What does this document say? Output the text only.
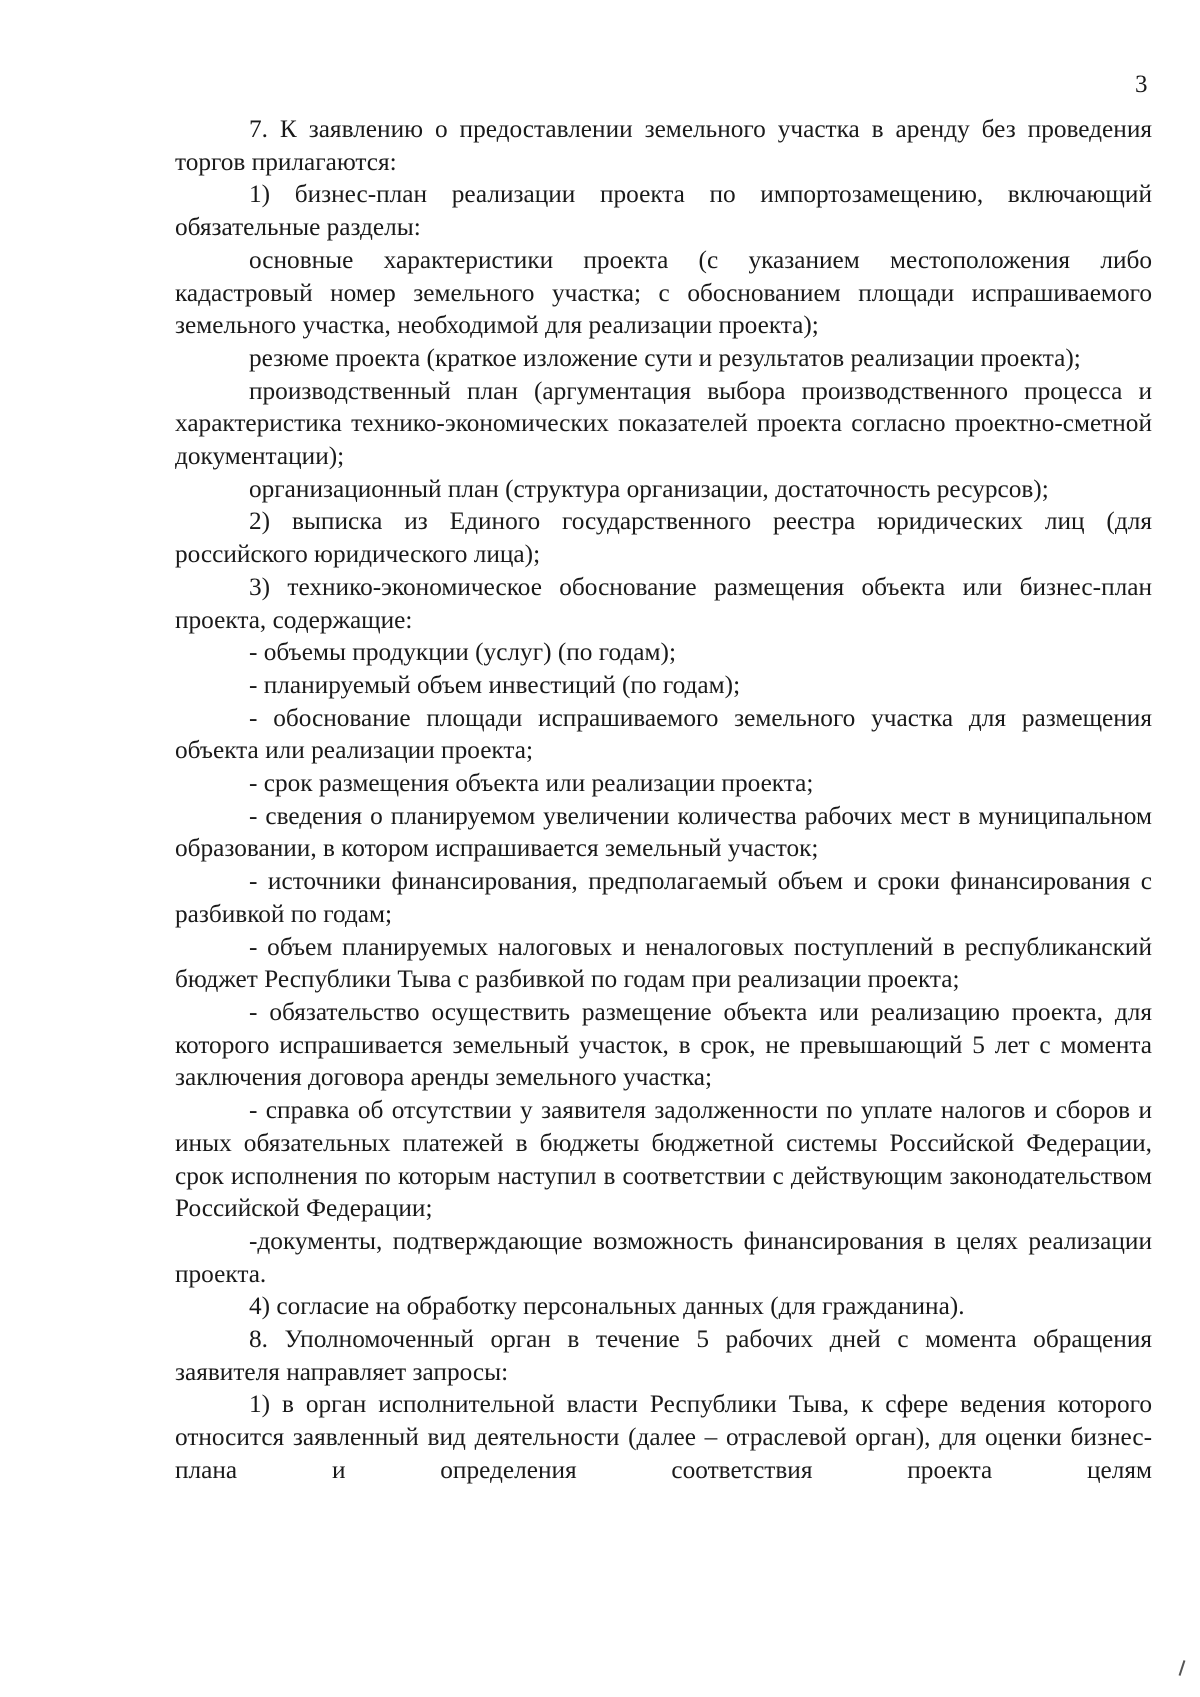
3

7. К заявлению о предоставлении земельного участка в аренду без проведения торгов прилагаются:

1) бизнес-план реализации проекта по импортозамещению, включающий обязательные разделы:

основные характеристики проекта (с указанием местоположения либо кадастровый номер земельного участка; с обоснованием площади испрашиваемого земельного участка, необходимой для реализации проекта);

резюме проекта (краткое изложение сути и результатов реализации проекта);

производственный план (аргументация выбора производственного процесса и характеристика технико-экономических показателей проекта согласно проектно-сметной документации);

организационный план (структура организации, достаточность ресурсов);

2) выписка из Единого государственного реестра юридических лиц (для российского юридического лица);

3) технико-экономическое обоснование размещения объекта или бизнес-план проекта, содержащие:

- объемы продукции (услуг) (по годам);

- планируемый объем инвестиций (по годам);

- обоснование площади испрашиваемого земельного участка для размещения объекта или реализации проекта;

- срок размещения объекта или реализации проекта;

- сведения о планируемом увеличении количества рабочих мест в муниципальном образовании, в котором испрашивается земельный участок;

- источники финансирования, предполагаемый объем и сроки финансирования с разбивкой по годам;

- объем планируемых налоговых и неналоговых поступлений в республиканский бюджет Республики Тыва с разбивкой по годам при реализации проекта;

- обязательство осуществить размещение объекта или реализацию проекта, для которого испрашивается земельный участок, в срок, не превышающий 5 лет с момента заключения договора аренды земельного участка;

- справка об отсутствии у заявителя задолженности по уплате налогов и сборов и иных обязательных платежей в бюджеты бюджетной системы Российской Федерации, срок исполнения по которым наступил в соответствии с действующим законодательством Российской Федерации;

-документы, подтверждающие возможность финансирования в целях реализации проекта.

4) согласие на обработку персональных данных (для гражданина).

8. Уполномоченный орган в течение 5 рабочих дней с момента обращения заявителя направляет запросы:

1) в орган исполнительной власти Республики Тыва, к сфере ведения которого относится заявленный вид деятельности (далее – отраслевой орган), для оценки бизнес-плана и определения соответствия проекта целям
